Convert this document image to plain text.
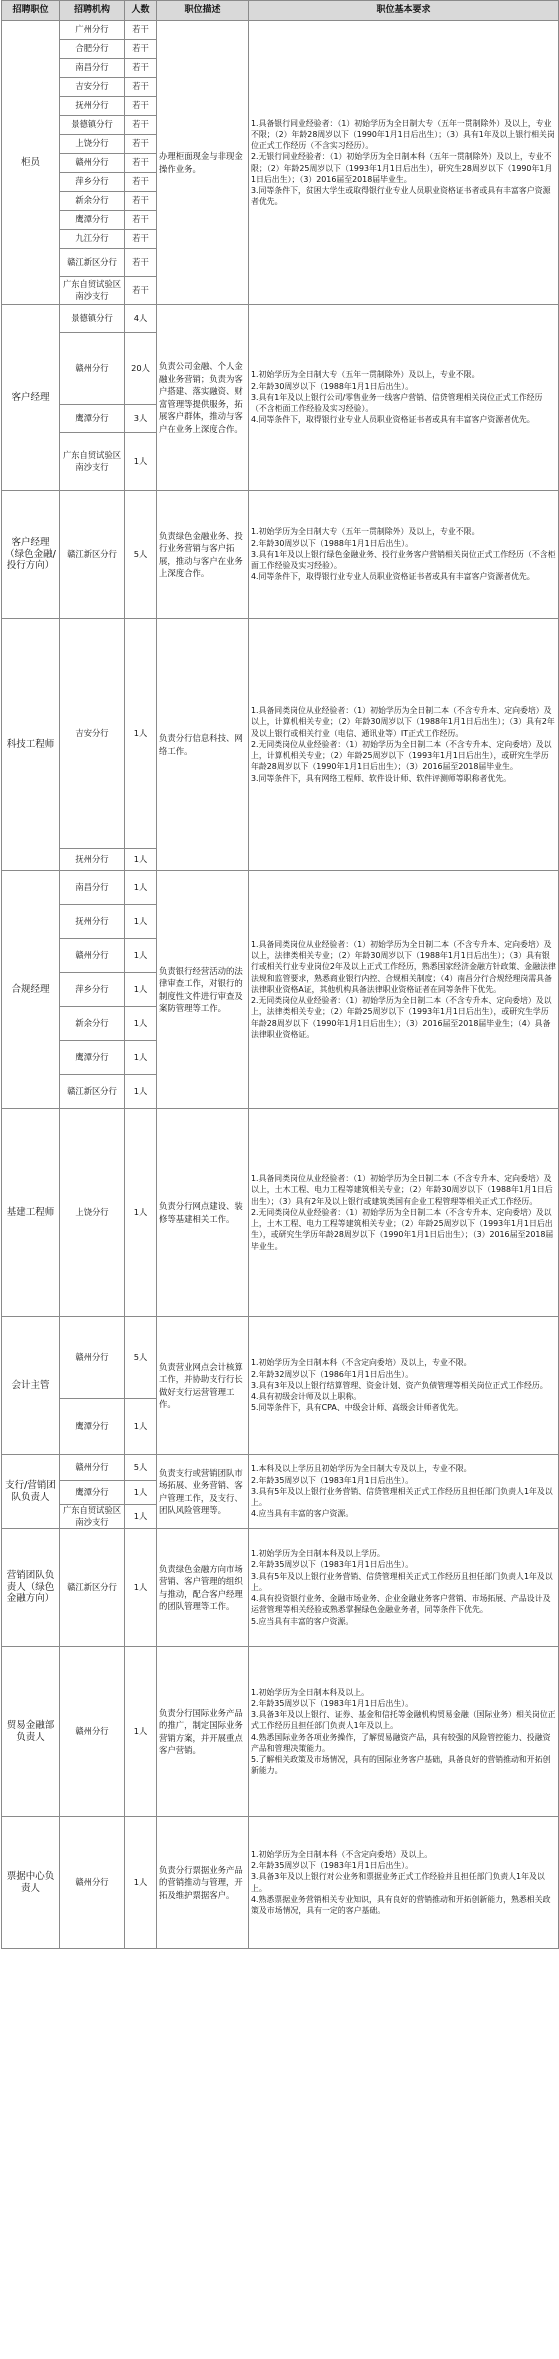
招聘职位	招聘机构	人数	职位描述	职位基本要求
柜员	广州分行	若干	办理柜面现金与非现金操作业务。	1.具备银行同业经验者：（1）初始学历为全日制大专（五年一贯制除外）及以上，专业不限；（2）年龄28周岁以下（1990年1月1日后出生）；（3）具有1年及以上银行相关岗位正式工作经历（不含实习经历）。
2.无银行同业经验者：（1）初始学历为全日制本科（五年一贯制除外）及以上，专业不限；（2）年龄25周岁以下（1993年1月1日后出生），研究生28周岁以下（1990年1月1日后出生）；（3）2016届至2018届毕业生。
3.同等条件下，贫困大学生或取得银行业专业人员职业资格证书者或具有丰富客户资源者优先。
	合肥分行	若干		
	南昌分行	若干		
	吉安分行	若干		
	抚州分行	若干		
	景德镇分行	若干		
	上饶分行	若干		
	赣州分行	若干		
	萍乡分行	若干		
	新余分行	若干		
	鹰潭分行	若干		
	九江分行	若干		
	赣江新区分行	若干		
	广东自贸试验区南沙支行	若干		
客户经理	景德镇分行	4人	负责公司金融、个人金融业务营销；负责为客户搭建、落实融资、财富管理等提供服务，拓展客户群体，推动与客户在业务上深度合作。	1.初始学历为全日制大专（五年一贯制除外）及以上，专业不限。
2.年龄30周岁以下（1988年1月1日后出生）。
3.具有1年及以上银行公司/零售业务一线客户营销、信贷管理相关岗位正式工作经历（不含柜面工作经验及实习经验）。
4.同等条件下，取得银行业专业人员职业资格证书者或具有丰富客户资源者优先。
	赣州分行	20人		
	鹰潭分行	3人		
	广东自贸试验区南沙支行	1人		
客户经理（绿色金融/投行方向）	赣江新区分行	5人	负责绿色金融业务、投行业务营销与客户拓展，推动与客户在业务上深度合作。	1.初始学历为全日制大专（五年一贯制除外）及以上，专业不限。
2.年龄30周岁以下（1988年1月1日后出生）。
3.具有1年及以上银行绿色金融业务、投行业务客户营销相关岗位正式工作经历（不含柜面工作经验及实习经验）。
4.同等条件下，取得银行业专业人员职业资格证书者或具有丰富客户资源者优先。
科技工程师	吉安分行	1人	负责分行信息科技、网络工作。	1.具备同类岗位从业经验者：（1）初始学历为全日制二本（不含专升本、定向委培）及以上，计算机相关专业；（2）年龄30周岁以下（1988年1月1日后出生）；（3）具有2年及以上银行或相关行业（电信、通讯业等）IT正式工作经历。
2.无同类岗位从业经验者：（1）初始学历为全日制二本（不含专升本、定向委培）及以上，计算机相关专业；（2）年龄25周岁以下（1993年1月1日后出生），或研究生学历年龄28周岁以下（1990年1月1日后出生）；（3）2016届至2018届毕业生。
3.同等条件下，具有网络工程师、软件设计师、软件评测师等职称者优先。
	抚州分行	1人		
合规经理	南昌分行	1人	负责银行经营活动的法律审查工作，对银行的制度性文件进行审查及案防管理等工作。	1.具备同类岗位从业经验者：（1）初始学历为全日制二本（不含专升本、定向委培）及以上，法律类相关专业；（2）年龄30周岁以下（1988年1月1日后出生）；（3）具有银行或相关行业专业岗位2年及以上正式工作经历，熟悉国家经济金融方针政策、金融法律法规和监管要求，熟悉商业银行内控、合规相关制度；（4）南昌分行合规经理岗需具备法律职业资格A证，其他机构具备法律职业资格证者在同等条件下优先。
2.无同类岗位从业经验者：（1）初始学历为全日制二本（不含专升本、定向委培）及以上，法律类相关专业；（2）年龄25周岁以下（1993年1月1日后出生），或研究生学历年龄28周岁以下（1990年1月1日后出生）；（3）2016届至2018届毕业生；（4）具备法律职业资格证。
	抚州分行	1人		
	赣州分行	1人		
	萍乡分行	1人		
	新余分行	1人		
	鹰潭分行	1人		
	赣江新区分行	1人		
基建工程师	上饶分行	1人	负责分行网点建设、装修等基建相关工作。	1.具备同类岗位从业经验者：（1）初始学历为全日制二本（不含专升本、定向委培）及以上，土木工程、电力工程等建筑相关专业；（2）年龄30周岁以下（1988年1月1日后出生）；（3）具有2年及以上银行或建筑类国有企业工程管理等相关正式工作经历。
2.无同类岗位从业经验者：（1）初始学历为全日制二本（不含专升本、定向委培）及以上，土木工程、电力工程等建筑相关专业；（2）年龄25周岁以下（1993年1月1日后出生），或研究生学历年龄28周岁以下（1990年1月1日后出生）；（3）2016届至2018届毕业生。
会计主管	赣州分行	5人	负责营业网点会计核算工作，并协助支行行长做好支行运营管理工作。	1.初始学历为全日制本科（不含定向委培）及以上，专业不限。
2.年龄32周岁以下（1986年1月1日后出生）。
3.具有3年及以上银行结算管理、资金计划、资产负债管理等相关岗位正式工作经历。
4.具有初级会计师及以上职称。
5.同等条件下，具有CPA、中级会计师、高级会计师者优先。
	鹰潭分行	1人		
支行/营销团队负责人	赣州分行	5人	负责支行或营销团队市场拓展、业务营销、客户管理工作，及支行、团队风险管理等。	1.本科及以上学历且初始学历为全日制大专及以上，专业不限。
2.年龄35周岁以下（1983年1月1日后出生）。
3.具有5年及以上银行业务营销、信贷管理相关正式工作经历且担任部门负责人1年及以上。
4.应当具有丰富的客户资源。
	鹰潭分行	1人		
	广东自贸试验区南沙支行	1人		
营销团队负责人（绿色金融方向）	赣江新区分行	1人	负责绿色金融方向市场营销、客户管理的组织与推动，配合客户经理的团队管理等工作。	1.初始学历为全日制本科及以上学历。
2.年龄35周岁以下（1983年1月1日后出生）。
3.具有5年及以上银行业务营销、信贷管理相关正式工作经历且担任部门负责人1年及以上。
4.具有投资银行业务、金融市场业务、企业金融业务客户营销、市场拓展、产品设计及运营管理等相关经验或熟悉掌握绿色金融业务者，同等条件下优先。
5.应当具有丰富的客户资源。
贸易金融部负责人	赣州分行	1人	负责分行国际业务产品的推广，制定国际业务营销方案，并开展重点客户营销。	1.初始学历为全日制本科及以上。
2.年龄35周岁以下（1983年1月1日后出生）。
3.具备3年及以上银行、证券、基金和信托等金融机构贸易金融（国际业务）相关岗位正式工作经历且担任部门负责人1年及以上。
4.熟悉国际业务各项业务操作，了解贸易融资产品，具有较强的风险管控能力、投融资产品和管理决策能力。
5.了解相关政策及市场情况，具有的国际业务客户基础，具备良好的营销推动和开拓创新能力。
票据中心负责人	赣州分行	1人	负责分行票据业务产品的营销推动与管理，开拓及维护票据客户。	1.初始学历为全日制本科（不含定向委培）及以上。
2.年龄35周岁以下（1983年1月1日后出生）。
3.具备3年及以上银行对公业务和票据业务正式工作经验并且担任部门负责人1年及以上。
4.熟悉票据业务营销相关专业知识，具有良好的营销推动和开拓创新能力，熟悉相关政策及市场情况，具有一定的客户基础。
